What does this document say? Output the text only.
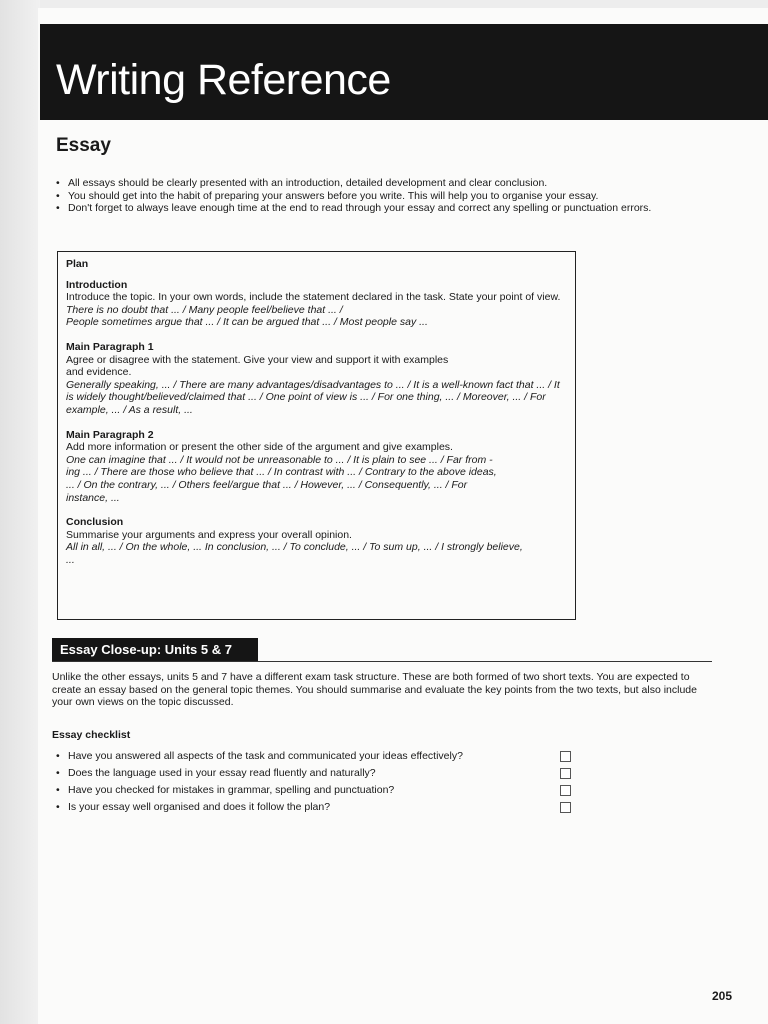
Writing Reference
Essay
• All essays should be clearly presented with an introduction, detailed development and clear conclusion.
• You should get into the habit of preparing your answers before you write. This will help you to organise your essay.
• Don't forget to always leave enough time at the end to read through your essay and correct any spelling or punctuation errors.

Plan

Introduction

Introduce the topic. In your own words, include the statement declared in the task. State your point of view.

There is no doubt that ... / Many people feel/believe that ... /

People sometimes argue that ... / It can be argued that ... / Most people say ...

Main Paragraph 1

Agree or disagree with the statement. Give your view and support it with examples and evidence.

Generally speaking, ... / There are many advantages/disadvantages to ... / It is a well-known fact that ... / It is widely thought/believed/claimed that ... / One point of view is ... / For one thing, ... / Moreover, ... / For example, ... / As a result, ...

Main Paragraph 2

Add more information or present the other side of the argument and give examples.

One can imagine that ... / It would not be unreasonable to ... / It is plain to see ... / Far from -ing ... / There are those who believe that ... / In contrast with ... / Contrary to the above ideas, ... / On the contrary, ... / Others feel/argue that ... / However, ... / Consequently, ... / For instance, ...

Conclusion

Summarise your arguments and express your overall opinion.

All in all, ... / On the whole, ... In conclusion, ... / To conclude, ... / To sum up, ... / I strongly believe, ...

Essay Close-up: Units 5 & 7

Unlike the other essays, units 5 and 7 have a different exam task structure. These are both formed of two short texts. You are expected to create an essay based on the general topic themes. You should summarise and evaluate the key points from the two texts, but also include your own views on the topic discussed.

Essay checklist

• Have you answered all aspects of the task and communicated your ideas effectively?
• Does the language used in your essay read fluently and naturally?
• Have you checked for mistakes in grammar, spelling and punctuation?
• Is your essay well organised and does it follow the plan?

205
